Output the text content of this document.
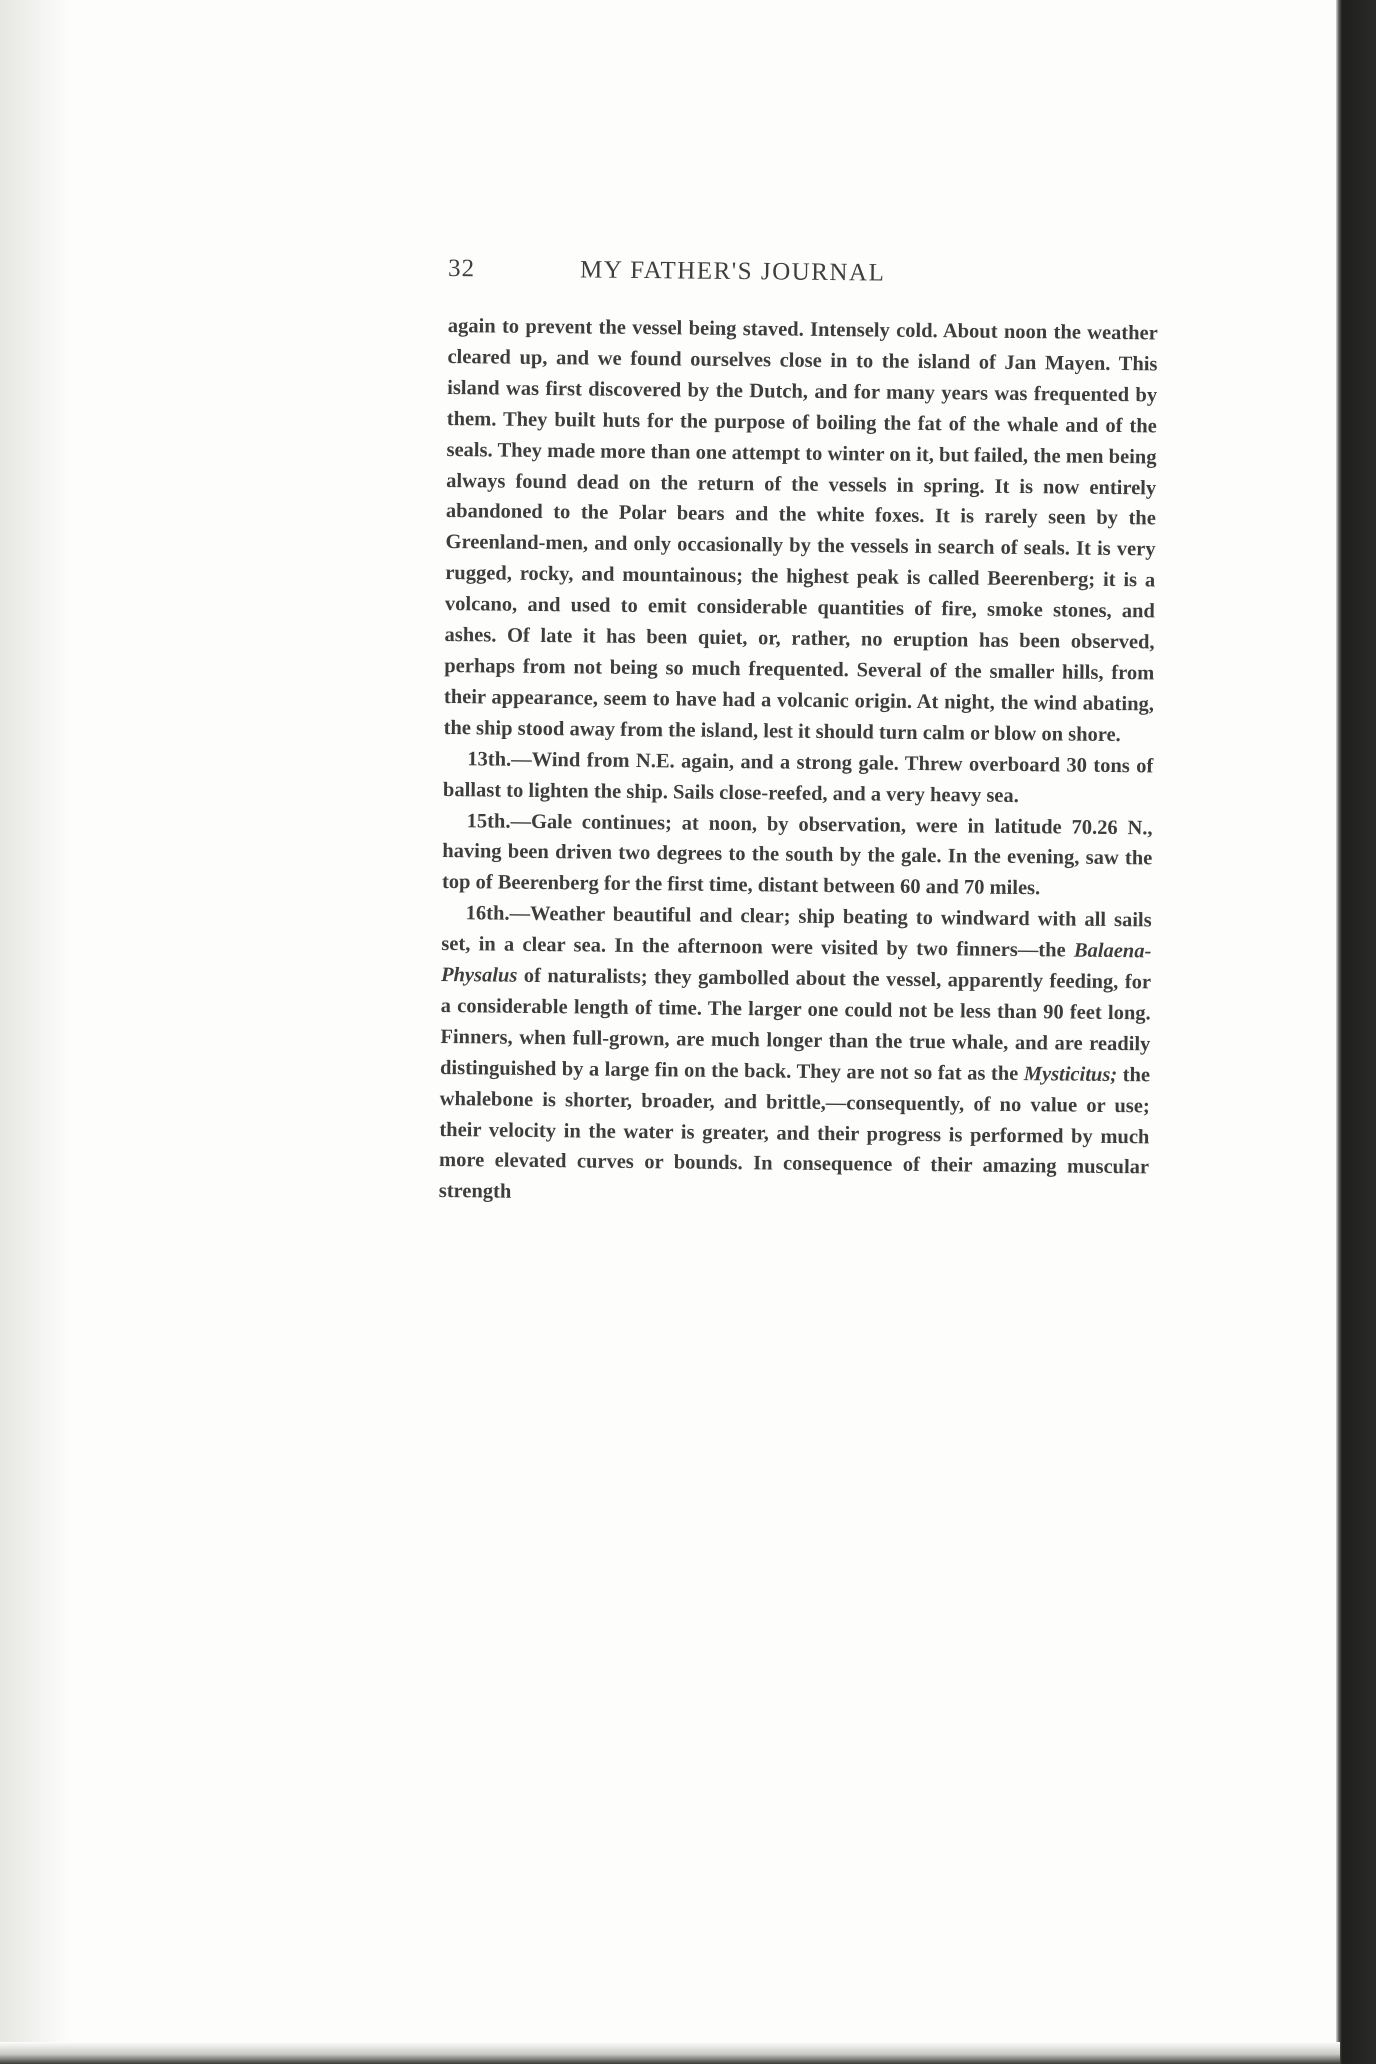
32	MY FATHER'S JOURNAL

again to prevent the vessel being staved. Intensely cold. About noon the weather cleared up, and we found ourselves close in to the island of Jan Mayen. This island was first discovered by the Dutch, and for many years was frequented by them. They built huts for the purpose of boiling the fat of the whale and of the seals. They made more than one attempt to winter on it, but failed, the men being always found dead on the return of the vessels in spring. It is now entirely abandoned to the Polar bears and the white foxes. It is rarely seen by the Greenland-men, and only occasionally by the vessels in search of seals. It is very rugged, rocky, and mountainous; the highest peak is called Beerenberg; it is a volcano, and used to emit considerable quantities of fire, smoke stones, and ashes. Of late it has been quiet, or, rather, no eruption has been observed, perhaps from not being so much frequented. Several of the smaller hills, from their appearance, seem to have had a volcanic origin. At night, the wind abating, the ship stood away from the island, lest it should turn calm or blow on shore.

13th.—Wind from N.E. again, and a strong gale. Threw overboard 30 tons of ballast to lighten the ship. Sails close-reefed, and a very heavy sea.

15th.—Gale continues; at noon, by observation, were in latitude 70.26 N., having been driven two degrees to the south by the gale. In the evening, saw the top of Beerenberg for the first time, distant between 60 and 70 miles.

16th.—Weather beautiful and clear; ship beating to windward with all sails set, in a clear sea. In the afternoon were visited by two finners—the Balaena-Physalus of naturalists; they gambolled about the vessel, apparently feeding, for a considerable length of time. The larger one could not be less than 90 feet long. Finners, when full-grown, are much longer than the true whale, and are readily distinguished by a large fin on the back. They are not so fat as the Mysticitus; the whalebone is shorter, broader, and brittle,—consequently, of no value or use; their velocity in the water is greater, and their progress is performed by much more elevated curves or bounds. In consequence of their amazing muscular strength
